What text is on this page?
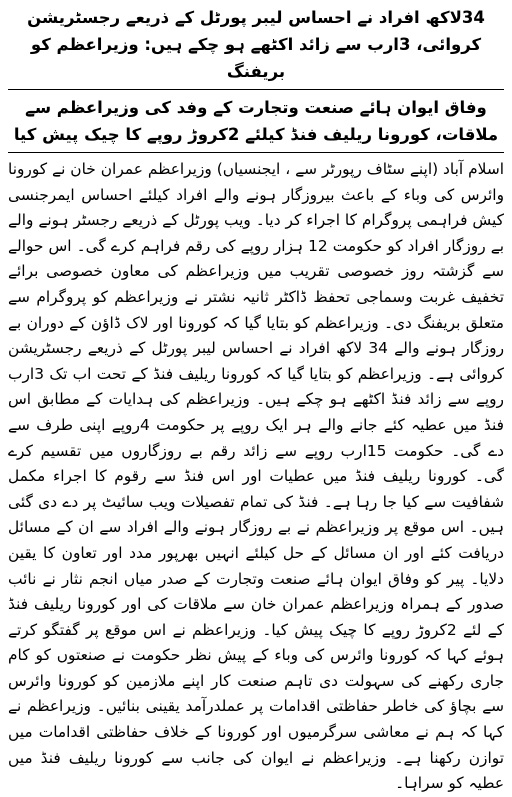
34لاکھ افراد نے احساس لیبر پورٹل کے ذریعے رجسٹریشن کروائی، 3ارب سے زائد اکٹھے ہو چکے ہیں: وزیراعظم کو بریفنگ
وفاق ایوان ہائے صنعت وتجارت کے وفد کی وزیراعظم سے ملاقات، کورونا ریلیف فنڈ کیلئے 2کروڑ روپے کا چیک پیش کیا

اسلام آباد (اپنے سٹاف رپورٹر سے ، ایجنسیاں) وزیراعظم عمران خان نے کورونا وائرس کی وباء کے باعث بیروزگار ہونے والے افراد کیلئے احساس ایمرجنسی کیش فراہمی پروگرام کا اجراء کر دیا۔ ویب پورٹل کے ذریعے رجسٹر ہونے والے بے روزگار افراد کو حکومت 12 ہزار روپے کی رقم فراہم کرے گی۔ اس حوالے سے گزشتہ روز خصوصی تقریب میں وزیراعظم کی معاون خصوصی برائے تخفیف غربت وسماجی تحفظ ڈاکٹر ثانیہ نشتر نے وزیراعظم کو پروگرام سے متعلق بریفنگ دی۔ وزیراعظم کو بتایا گیا کہ کورونا اور لاک ڈاؤن کے دوران بے روزگار ہونے والے 34 لاکھ افراد نے احساس لیبر پورٹل کے ذریعے رجسٹریشن کروائی ہے۔ وزیراعظم کو بتایا گیا کہ کورونا ریلیف فنڈ کے تحت اب تک 3ارب روپے سے زائد فنڈ اکٹھے ہو چکے ہیں۔ وزیراعظم کی ہدایات کے مطابق اس فنڈ میں عطیہ کئے جانے والے ہر ایک روپے پر حکومت 4روپے اپنی طرف سے دے گی۔ حکومت 15ارب روپے سے زائد رقم بے روزگاروں میں تقسیم کرے گی۔ کورونا ریلیف فنڈ میں عطیات اور اس فنڈ سے رقوم کا اجراء مکمل شفافیت سے کیا جا رہا ہے۔ فنڈ کی تمام تفصیلات ویب سائیٹ پر دے دی گئی ہیں۔ اس موقع پر وزیراعظم نے بے روزگار ہونے والے افراد سے ان کے مسائل دریافت کئے اور ان مسائل کے حل کیلئے انہیں بھرپور مدد اور تعاون کا یقین دلایا۔ پیر کو وفاق ایوان ہائے صنعت وتجارت کے صدر میاں انجم نثار نے نائب صدور کے ہمراہ وزیراعظم عمران خان سے ملاقات کی اور کورونا ریلیف فنڈ کے لئے 2کروڑ روپے کا چیک پیش کیا۔ وزیراعظم نے اس موقع پر گفتگو کرتے ہوئے کہا کہ کورونا وائرس کی وباء کے پیش نظر حکومت نے صنعتوں کو کام جاری رکھنے کی سہولت دی تاہم صنعت کار اپنے ملازمین کو کورونا وائرس سے بچاؤ کی خاطر حفاظتی اقدامات پر عملدرآمد یقینی بنائیں۔ وزیراعظم نے کہا کہ ہم نے معاشی سرگرمیوں اور کورونا کے خلاف حفاظتی اقدامات میں توازن رکھنا ہے۔ وزیراعظم نے ایوان کی جانب سے کورونا ریلیف فنڈ میں عطیہ کو سراہا۔
